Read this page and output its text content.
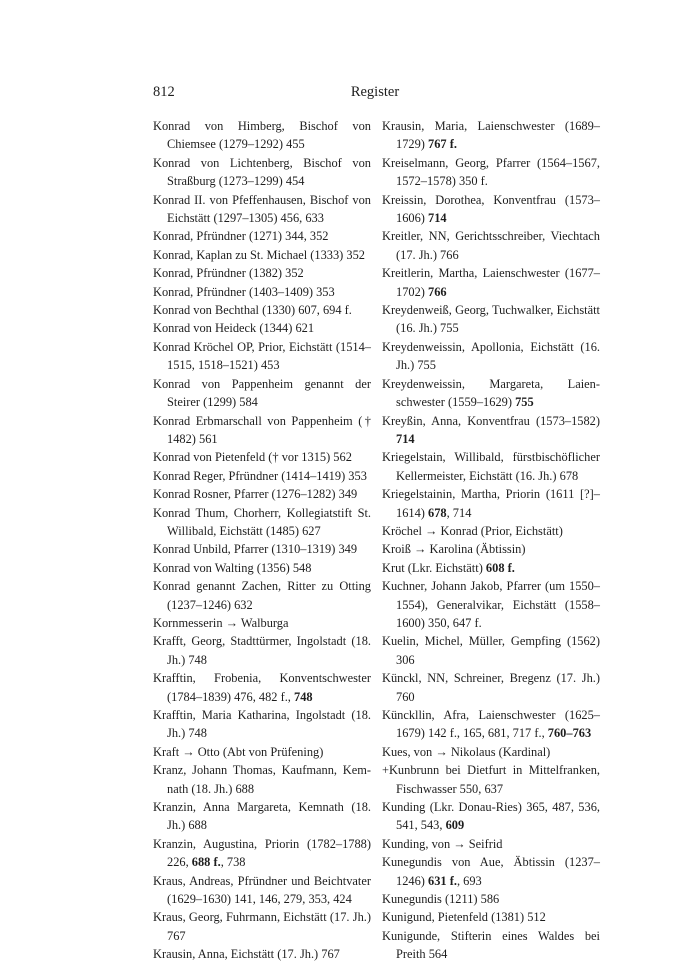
812	Register
Konrad von Himberg, Bischof von Chiemsee (1279–1292) 455
Konrad von Lichtenberg, Bischof von Straßburg (1273–1299) 454
Konrad II. von Pfeffenhausen, Bischof von Eichstätt (1297–1305) 456, 633
Konrad, Pfründner (1271) 344, 352
Konrad, Kaplan zu St. Michael (1333) 352
Konrad, Pfründner (1382) 352
Konrad, Pfründner (1403–1409) 353
Konrad von Bechthal (1330) 607, 694 f.
Konrad von Heideck (1344) 621
Konrad Kröchel OP, Prior, Eichstätt (1514–1515, 1518–1521) 453
Konrad von Pappenheim genannt der Steirer (1299) 584
Konrad Erbmarschall von Pappenheim († 1482) 561
Konrad von Pietenfeld († vor 1315) 562
Konrad Reger, Pfründner (1414–1419) 353
Konrad Rosner, Pfarrer (1276–1282) 349
Konrad Thum, Chorherr, Kollegiatstift St. Willibald, Eichstätt (1485) 627
Konrad Unbild, Pfarrer (1310–1319) 349
Konrad von Walting (1356) 548
Konrad genannt Zachen, Ritter zu Otting (1237–1246) 632
Kornmesserin → Walburga
Krafft, Georg, Stadttürmer, Ingolstadt (18. Jh.) 748
Krafftin, Frobenia, Konventschwester (1784–1839) 476, 482 f., 748
Krafftin, Maria Katharina, Ingolstadt (18. Jh.) 748
Kraft → Otto (Abt von Prüfening)
Kranz, Johann Thomas, Kaufmann, Kemnath (18. Jh.) 688
Kranzin, Anna Margareta, Kemnath (18. Jh.) 688
Kranzin, Augustina, Priorin (1782–1788) 226, 688 f., 738
Kraus, Andreas, Pfründner und Beichtvater (1629–1630) 141, 146, 279, 353, 424
Kraus, Georg, Fuhrmann, Eichstätt (17. Jh.) 767
Krausin, Anna, Eichstätt (17. Jh.) 767
Krausin, Maria, Laienschwester (1689–1729) 767 f.
Kreiselmann, Georg, Pfarrer (1564–1567, 1572–1578) 350 f.
Kreissin, Dorothea, Konventfrau (1573–1606) 714
Kreitler, NN, Gerichtsschreiber, Viechtach (17. Jh.) 766
Kreitlerin, Martha, Laienschwester (1677–1702) 766
Kreydenweiß, Georg, Tuchwalker, Eichstätt (16. Jh.) 755
Kreydenweissin, Apollonia, Eichstätt (16. Jh.) 755
Kreydenweissin, Margareta, Laienschwester (1559–1629) 755
Kreyßin, Anna, Konventfrau (1573–1582) 714
Kriegelstain, Willibald, fürstbischöflicher Kellermeister, Eichstätt (16. Jh.) 678
Kriegelstainin, Martha, Priorin (1611 [?]–1614) 678, 714
Kröchel → Konrad (Prior, Eichstätt)
Kroiß → Karolina (Äbtissin)
Krut (Lkr. Eichstätt) 608 f.
Kuchner, Johann Jakob, Pfarrer (um 1550–1554), Generalvikar, Eichstätt (1558–1600) 350, 647 f.
Kuelin, Michel, Müller, Gempfing (1562) 306
Künckl, NN, Schreiner, Bregenz (17. Jh.) 760
Künckllin, Afra, Laienschwester (1625–1679) 142 f., 165, 681, 717 f., 760–763
Kues, von → Nikolaus (Kardinal)
+Kunbrunn bei Dietfurt in Mittelfranken, Fischwasser 550, 637
Kunding (Lkr. Donau-Ries) 365, 487, 536, 541, 543, 609
Kunding, von → Seifrid
Kunegundis von Aue, Äbtissin (1237–1246) 631 f., 693
Kunegundis (1211) 586
Kunigund, Pietenfeld (1381) 512
Kunigunde, Stifterin eines Waldes bei Preith 564
